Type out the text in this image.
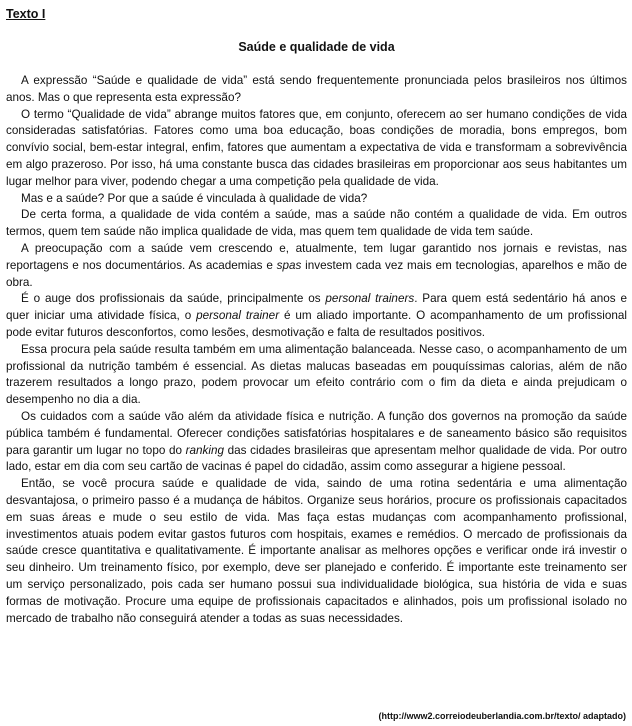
Texto I

Saúde e qualidade de vida

A expressão “Saúde e qualidade de vida” está sendo frequentemente pronunciada pelos brasileiros nos últimos anos. Mas o que representa esta expressão?

O termo “Qualidade de vida” abrange muitos fatores que, em conjunto, oferecem ao ser humano condições de vida consideradas satisfatórias. Fatores como uma boa educação, boas condições de moradia, bons empregos, bom convívio social, bem-estar integral, enfim, fatores que aumentam a expectativa de vida e transformam a sobrevivência em algo prazeroso. Por isso, há uma constante busca das cidades brasileiras em proporcionar aos seus habitantes um lugar melhor para viver, podendo chegar a uma competição pela qualidade de vida.

Mas e a saúde? Por que a saúde é vinculada à qualidade de vida?

De certa forma, a qualidade de vida contém a saúde, mas a saúde não contém a qualidade de vida. Em outros termos, quem tem saúde não implica qualidade de vida, mas quem tem qualidade de vida tem saúde.

A preocupação com a saúde vem crescendo e, atualmente, tem lugar garantido nos jornais e revistas, nas reportagens e nos documentários. As academias e spas investem cada vez mais em tecnologias, aparelhos e mão de obra.

É o auge dos profissionais da saúde, principalmente os personal trainers. Para quem está sedentário há anos e quer iniciar uma atividade física, o personal trainer é um aliado importante. O acompanhamento de um profissional pode evitar futuros desconfortos, como lesões, desmotivação e falta de resultados positivos.

Essa procura pela saúde resulta também em uma alimentação balanceada. Nesse caso, o acompanhamento de um profissional da nutrição também é essencial. As dietas malucas baseadas em pouquíssimas calorias, além de não trazerem resultados a longo prazo, podem provocar um efeito contrário com o fim da dieta e ainda prejudicam o desempenho no dia a dia.

Os cuidados com a saúde vão além da atividade física e nutrição. A função dos governos na promoção da saúde pública também é fundamental. Oferecer condições satisfatórias hospitalares e de saneamento básico são requisitos para garantir um lugar no topo do ranking das cidades brasileiras que apresentam melhor qualidade de vida. Por outro lado, estar em dia com seu cartão de vacinas é papel do cidadão, assim como assegurar a higiene pessoal.

Então, se você procura saúde e qualidade de vida, saindo de uma rotina sedentária e uma alimentação desvantajosa, o primeiro passo é a mudança de hábitos. Organize seus horários, procure os profissionais capacitados em suas áreas e mude o seu estilo de vida. Mas faça estas mudanças com acompanhamento profissional, investimentos atuais podem evitar gastos futuros com hospitais, exames e remédios. O mercado de profissionais da saúde cresce quantitativa e qualitativamente. É importante analisar as melhores opções e verificar onde irá investir o seu dinheiro. Um treinamento físico, por exemplo, deve ser planejado e conferido. É importante este treinamento ser um serviço personalizado, pois cada ser humano possui sua individualidade biológica, sua história de vida e suas formas de motivação. Procure uma equipe de profissionais capacitados e alinhados, pois um profissional isolado no mercado de trabalho não conseguirá atender a todas as suas necessidades.

(http://www2.correiodeuberlandia.com.br/texto/ adaptado)
